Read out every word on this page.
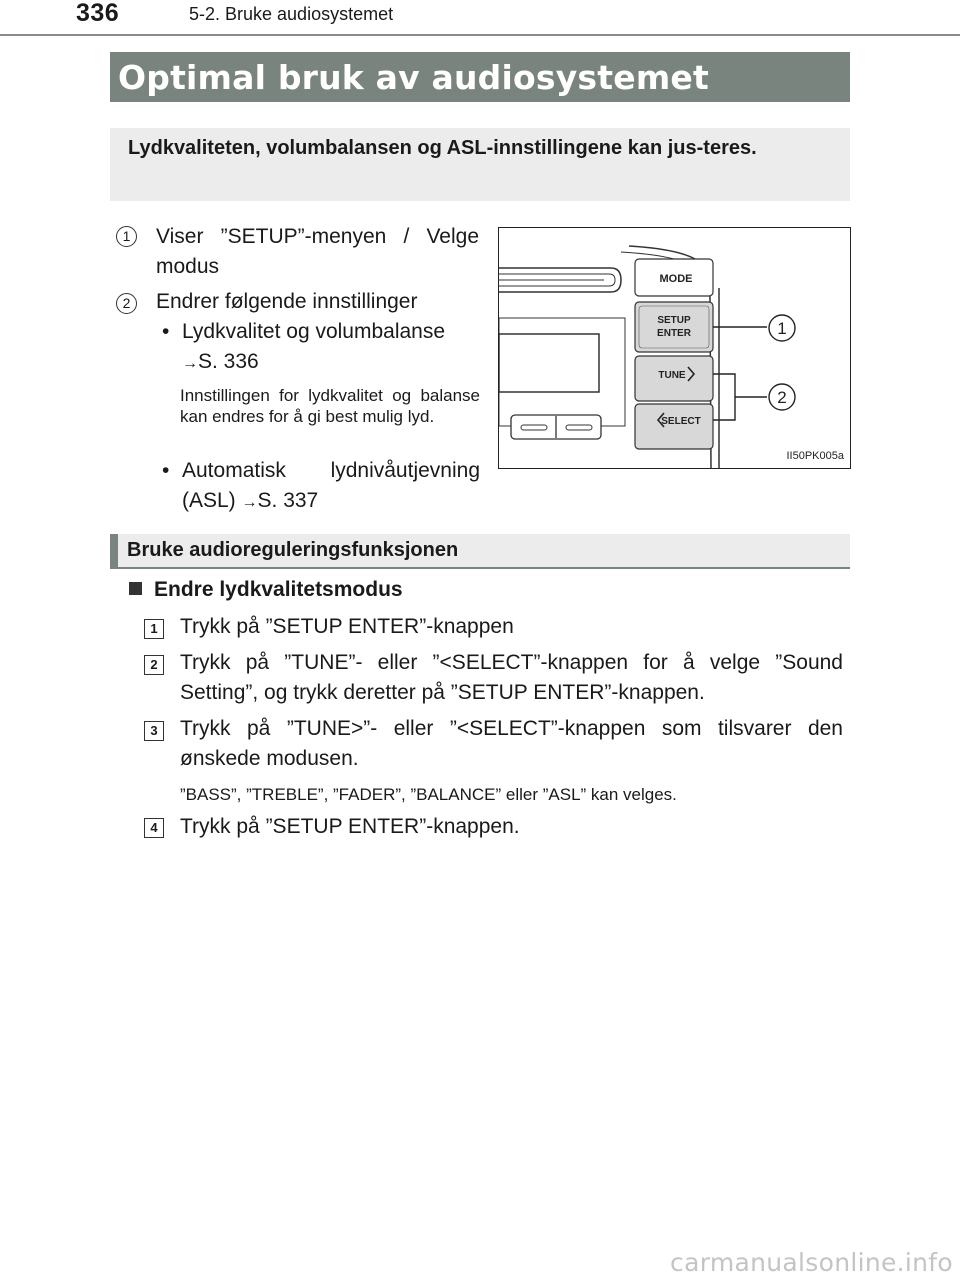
336	5-2. Bruke audiosystemet
Optimal bruk av audiosystemet

Lydkvaliteten, volumbalansen og ASL-innstillingene kan jus-teres.

1	Viser ”SETUP”-menyen / Velge modus
2	Endrer følgende innstillinger
• Lydkvalitet og volumbalanse
→S. 336
Innstillingen for lydkvalitet og balanse kan endres for å gi best mulig lyd.
• Automatisk lydnivåutjevning
(ASL) →S. 337
MODE
SETUP
ENTER
TUNE
SELECT
1
2
II50PK005a
Bruke audioreguleringsfunksjonen
Endre lydkvalitetsmodus
1	Trykk på ”SETUP ENTER”-knappen
2	Trykk på ”TUNE”- eller ”<SELECT”-knappen for å velge ”Sound Setting”, og trykk deretter på ”SETUP ENTER”-knappen.
3	Trykk på ”TUNE>”- eller ”<SELECT”-knappen som tilsvarer den ønskede modusen.
”BASS”, ”TREBLE”, ”FADER”, ”BALANCE” eller ”ASL” kan velges.
4	Trykk på ”SETUP ENTER”-knappen.
carmanualsonline.info
